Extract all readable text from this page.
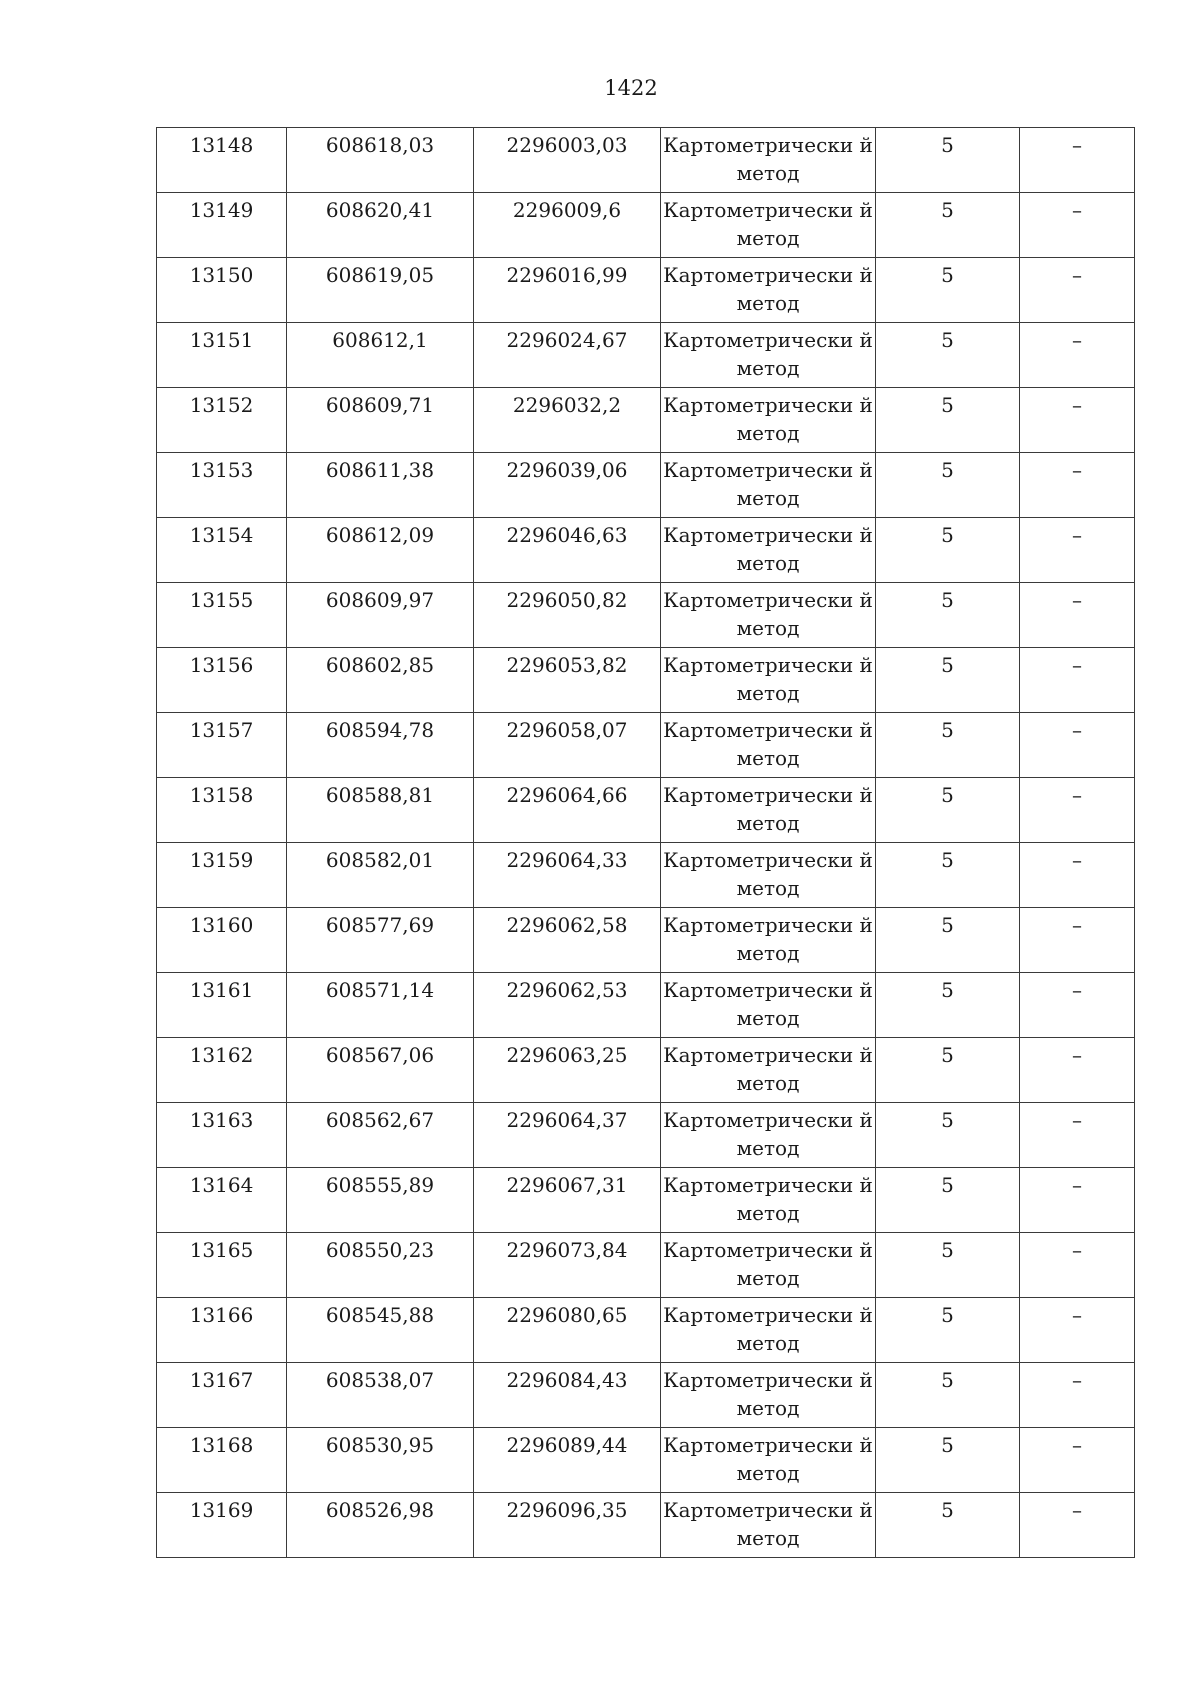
1422
13148	608618,03	2296003,03	Картометрически й метод	5	–
13149	608620,41	2296009,6	Картометрически й метод	5	–
13150	608619,05	2296016,99	Картометрически й метод	5	–
13151	608612,1	2296024,67	Картометрически й метод	5	–
13152	608609,71	2296032,2	Картометрически й метод	5	–
13153	608611,38	2296039,06	Картометрически й метод	5	–
13154	608612,09	2296046,63	Картометрически й метод	5	–
13155	608609,97	2296050,82	Картометрически й метод	5	–
13156	608602,85	2296053,82	Картометрически й метод	5	–
13157	608594,78	2296058,07	Картометрически й метод	5	–
13158	608588,81	2296064,66	Картометрически й метод	5	–
13159	608582,01	2296064,33	Картометрически й метод	5	–
13160	608577,69	2296062,58	Картометрически й метод	5	–
13161	608571,14	2296062,53	Картометрически й метод	5	–
13162	608567,06	2296063,25	Картометрически й метод	5	–
13163	608562,67	2296064,37	Картометрически й метод	5	–
13164	608555,89	2296067,31	Картометрически й метод	5	–
13165	608550,23	2296073,84	Картометрически й метод	5	–
13166	608545,88	2296080,65	Картометрически й метод	5	–
13167	608538,07	2296084,43	Картометрически й метод	5	–
13168	608530,95	2296089,44	Картометрически й метод	5	–
13169	608526,98	2296096,35	Картометрически й метод	5	–
